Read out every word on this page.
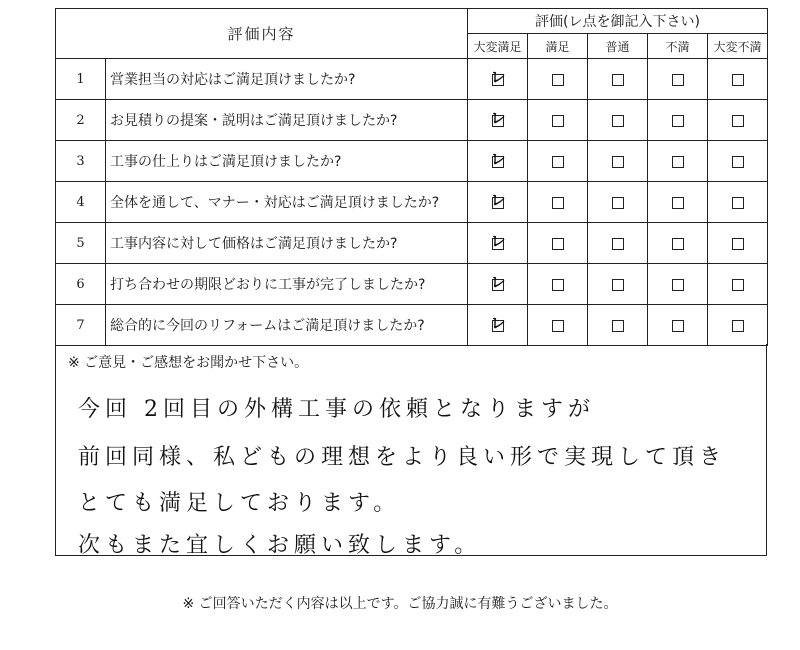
評価内容		評価(レ点を御記入下さい)				
		大変満足	満足	普通	不満	大変不満
1	営業担当の対応はご満足頂けましたか?	レ				

2	お見積りの提案・説明はご満足頂けましたか?	レ				

3	工事の仕上りはご満足頂けましたか?	レ				

4	全体を通して、マナー・対応はご満足頂けましたか?	レ				

5	工事内容に対して価格はご満足頂けましたか?	レ				

6	打ち合わせの期限どおりに工事が完了しましたか?	レ				

7	総合的に今回のリフォームはご満足頂けましたか?	レ				

※ ご意見・ご感想をお聞かせ下さい。
今回 2回目の外構工事の依頼となりますが
前回同様、私どもの理想をより良い形で実現して頂き
とても満足しております。
次もまた宜しくお願い致します。
※ ご回答いただく内容は以上です。ご協力誠に有難うございました。
